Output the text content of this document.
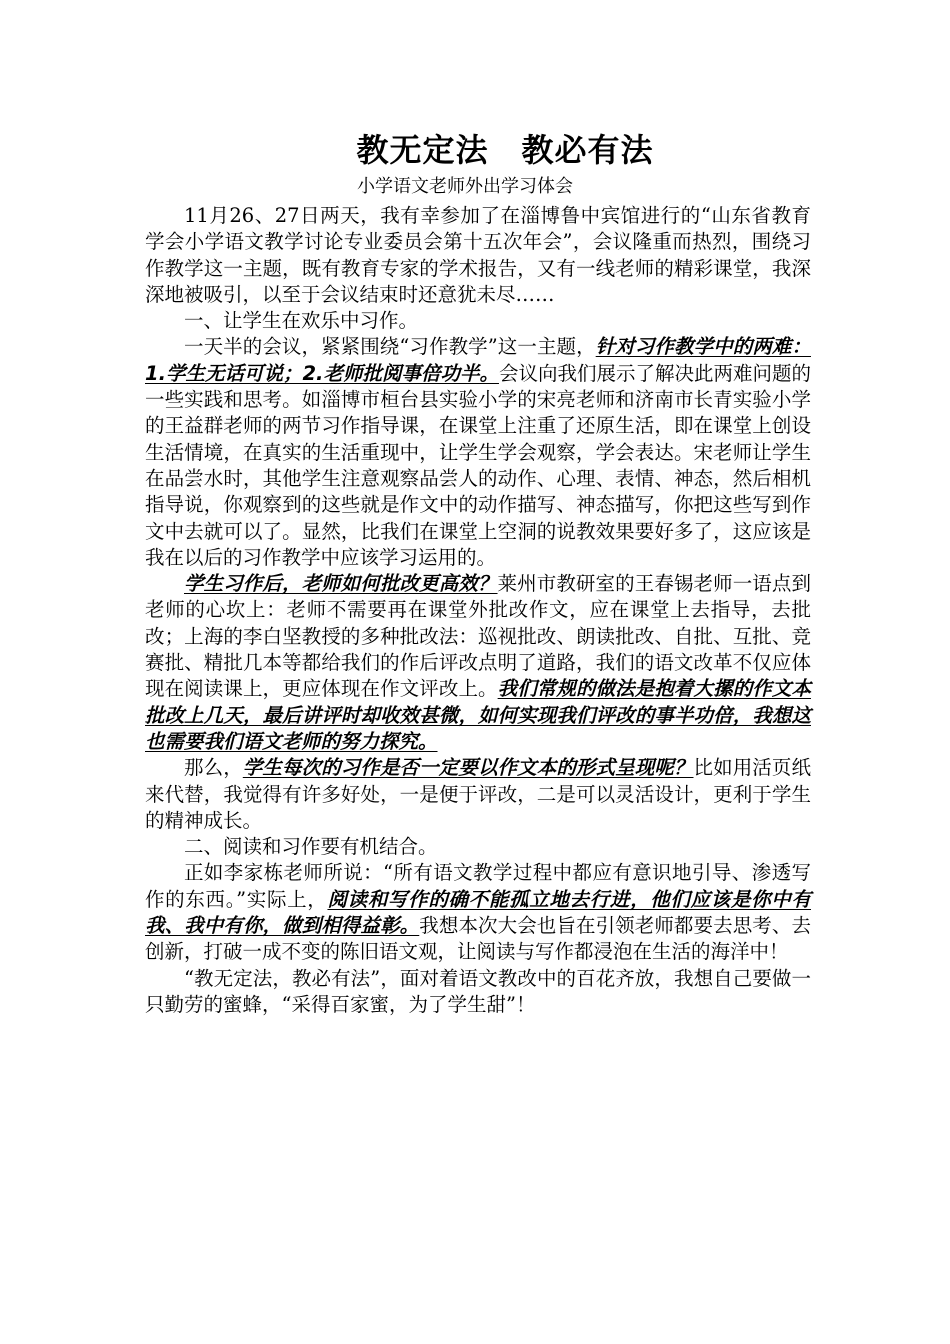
教无定法　教必有法
小学语文老师外出学习体会

11月26、27日两天，我有幸参加了在淄博鲁中宾馆进行的“山东省教育学会小学语文教学讨论专业委员会第十五次年会”，会议隆重而热烈，围绕习作教学这一主题，既有教育专家的学术报告，又有一线老师的精彩课堂，我深深地被吸引，以至于会议结束时还意犹未尽……

一、让学生在欢乐中习作。

一天半的会议，紧紧围绕“习作教学”这一主题，针对习作教学中的两难：1.学生无话可说；2.老师批阅事倍功半。会议向我们展示了解决此两难问题的一些实践和思考。如淄博市桓台县实验小学的宋亮老师和济南市长青实验小学的王益群老师的两节习作指导课，在课堂上注重了还原生活，即在课堂上创设生活情境，在真实的生活重现中，让学生学会观察，学会表达。宋老师让学生在品尝水时，其他学生注意观察品尝人的动作、心理、表情、神态，然后相机指导说，你观察到的这些就是作文中的动作描写、神态描写，你把这些写到作文中去就可以了。显然，比我们在课堂上空洞的说教效果要好多了，这应该是我在以后的习作教学中应该学习运用的。

学生习作后，老师如何批改更高效？莱州市教研室的王春锡老师一语点到老师的心坎上：老师不需要再在课堂外批改作文，应在课堂上去指导，去批改；上海的李白坚教授的多种批改法：巡视批改、朗读批改、自批、互批、竞赛批、精批几本等都给我们的作后评改点明了道路，我们的语文改革不仅应体现在阅读课上，更应体现在作文评改上。我们常规的做法是抱着大摞的作文本批改上几天，最后讲评时却收效甚微，如何实现我们评改的事半功倍，我想这也需要我们语文老师的努力探究。

那么，学生每次的习作是否一定要以作文本的形式呈现呢？比如用活页纸来代替，我觉得有许多好处，一是便于评改，二是可以灵活设计，更利于学生的精神成长。

二、阅读和习作要有机结合。

正如李家栋老师所说：“所有语文教学过程中都应有意识地引导、渗透写作的东西。”实际上，阅读和写作的确不能孤立地去行进，他们应该是你中有我、我中有你，做到相得益彰。我想本次大会也旨在引领老师都要去思考、去创新，打破一成不变的陈旧语文观，让阅读与写作都浸泡在生活的海洋中！

“教无定法，教必有法”，面对着语文教改中的百花齐放，我想自己要做一只勤劳的蜜蜂，“采得百家蜜，为了学生甜”！
